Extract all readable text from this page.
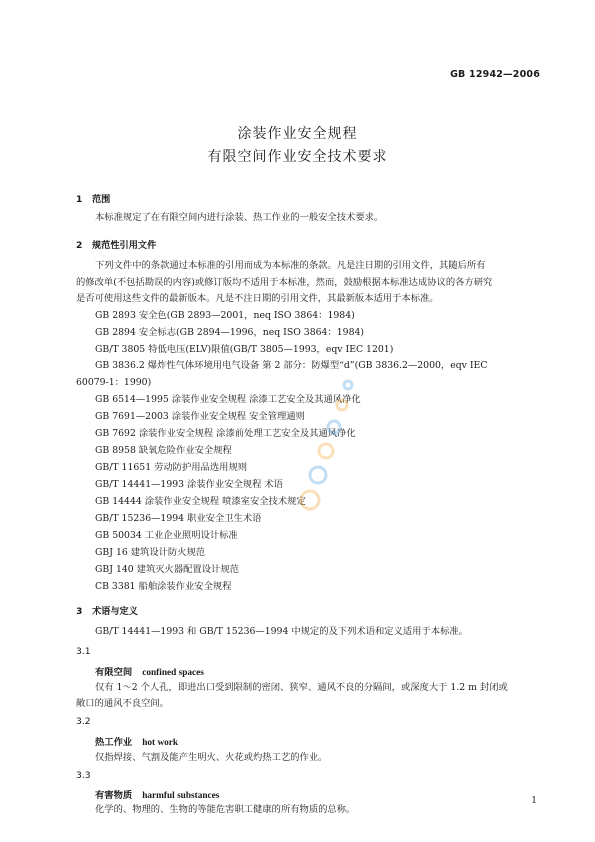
GB 12942—2006
涂装作业安全规程
有限空间作业安全技术要求
1 范围
本标准规定了在有限空间内进行涂装、热工作业的一般安全技术要求。
2 规范性引用文件
下列文件中的条款通过本标准的引用而成为本标准的条款。凡是注日期的引用文件，其随后所有
的修改单(不包括勘误的内容)或修订版均不适用于本标准，然而，鼓励根据本标准达成协议的各方研究
是否可使用这些文件的最新版本。凡是不注日期的引用文件，其最新版本适用于本标准。
GB 2893 安全色(GB 2893—2001，neq ISO 3864：1984)
GB 2894 安全标志(GB 2894—1996，neq ISO 3864：1984)
GB/T 3805 特低电压(ELV)限值(GB/T 3805—1993，eqv IEC 1201)
GB 3836.2 爆炸性气体环境用电气设备 第 2 部分：防爆型“d”(GB 3836.2—2000，eqv IEC
60079-1：1990)
GB 6514—1995 涂装作业安全规程 涂漆工艺安全及其通风净化
GB 7691—2003 涂装作业安全规程 安全管理通则
GB 7692 涂装作业安全规程 涂漆前处理工艺安全及其通风净化
GB 8958 缺氧危险作业安全规程
GB/T 11651 劳动防护用品选用规则
GB/T 14441—1993 涂装作业安全规程 术语
GB 14444 涂装作业安全规程 喷漆室安全技术规定
GB/T 15236—1994 职业安全卫生术语
GB 50034 工业企业照明设计标准
GBJ 16 建筑设计防火规范
GBJ 140 建筑灭火器配置设计规范
CB 3381 船舶涂装作业安全规程
3 术语与定义
GB/T 14441—1993 和 GB/T 15236—1994 中规定的及下列术语和定义适用于本标准。
3.1
有限空间 confined spaces
仅有 1～2 个人孔，即进出口受到限制的密闭、狭窄、通风不良的分隔间，或深度大于 1.2 m 封闭或
敞口的通风不良空间。
3.2
热工作业 hot work
仅指焊接、气割及能产生明火、火花或灼热工艺的作业。
3.3
有害物质 harmful substances
化学的、物理的、生物的等能危害职工健康的所有物质的总称。
1
